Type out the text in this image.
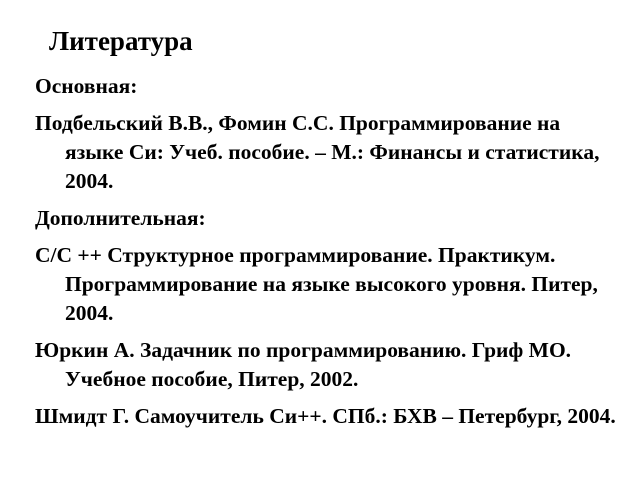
Литература
Основная:
Подбельский В.В., Фомин С.С. Программирование на языке Си: Учеб. пособие. – М.: Финансы и статистика, 2004.
Дополнительная:
C/C ++ Структурное программирование. Практикум. Программирование на языке высокого уровня. Питер, 2004.
Юркин А. Задачник по программированию. Гриф МО. Учебное пособие, Питер, 2002.
Шмидт Г. Самоучитель Си++. СПб.: БХВ – Петербург, 2004.
